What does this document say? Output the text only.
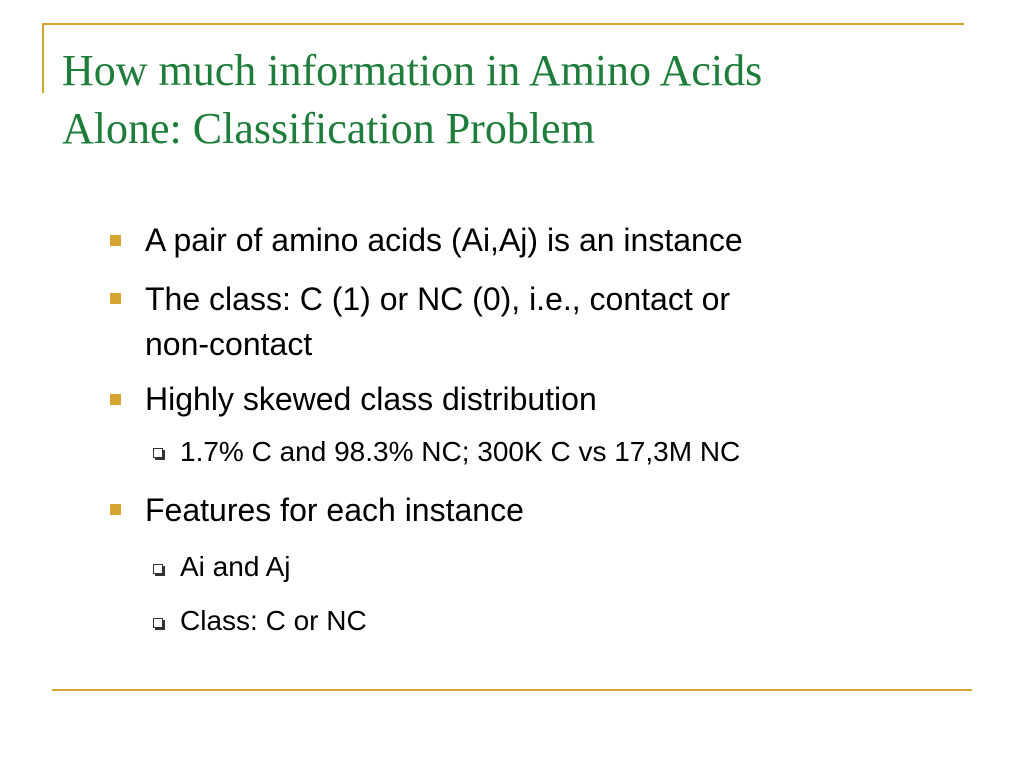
How much information in Amino Acids
Alone: Classification Problem
A pair of amino acids (Ai,Aj) is an instance
The class: C (1) or NC (0), i.e., contact or
non-contact
Highly skewed class distribution
1.7% C and 98.3% NC; 300K C vs 17,3M NC
Features for each instance
Ai and Aj
Class: C or NC
